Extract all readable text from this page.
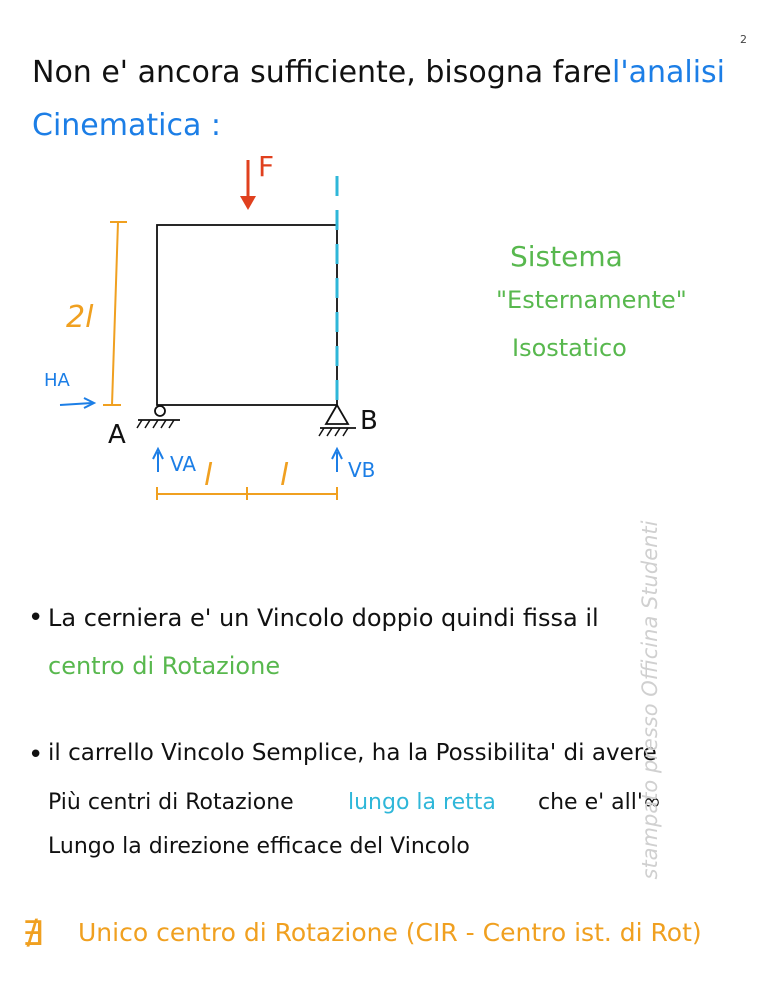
2
Non e' ancora sufficiente, bisogna fare l'analisi
Cinematica :
F
2l
HA
A	B
VA	VB
l l
Sistema
"Esternamente"
Isostatico
• La cerniera e' un Vincolo doppio quindi fissa il
centro di Rotazione
• il carrello Vincolo Semplice, ha la Possibilita' di avere
Più centri di Rotazione lungo la retta che e' all'∞
Lungo la direzione efficace del Vincolo
∄ Unico centro di Rotazione (CIR - Centro ist. di Rot)
stampato presso Officina Studenti
